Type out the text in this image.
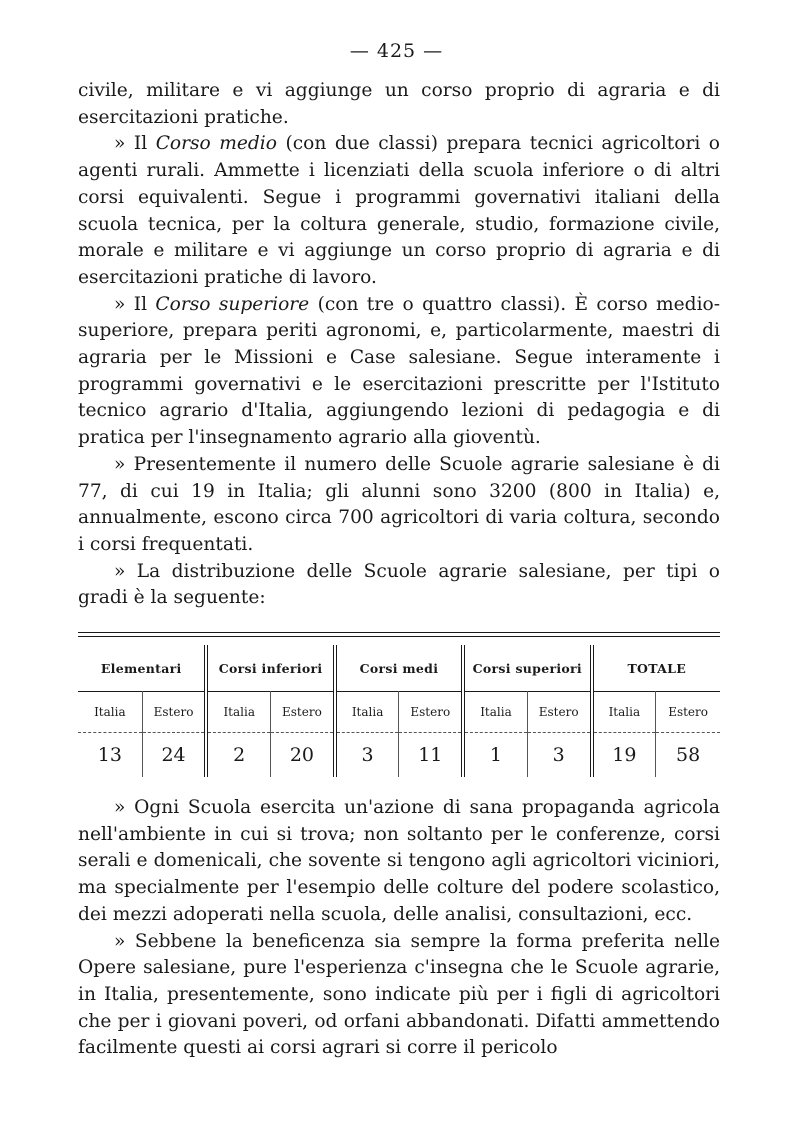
— 425 —

civile, militare e vi aggiunge un corso proprio di agraria e di esercitazioni pratiche.

» Il Corso medio (con due classi) prepara tecnici agricoltori o agenti rurali. Ammette i licenziati della scuola inferiore o di altri corsi equivalenti. Segue i programmi governativi italiani della scuola tecnica, per la coltura generale, studio, formazione civile, morale e militare e vi aggiunge un corso proprio di agraria e di esercitazioni pratiche di lavoro.

» Il Corso superiore (con tre o quattro classi). È corso medio-superiore, prepara periti agronomi, e, particolarmente, maestri di agraria per le Missioni e Case salesiane. Segue interamente i programmi governativi e le esercitazioni prescritte per l'Istituto tecnico agrario d'Italia, aggiungendo lezioni di pedagogia e di pratica per l'insegnamento agrario alla gioventù.

» Presentemente il numero delle Scuole agrarie salesiane è di 77, di cui 19 in Italia; gli alunni sono 3200 (800 in Italia) e, annualmente, escono circa 700 agricoltori di varia coltura, secondo i corsi frequentati.

» La distribuzione delle Scuole agrarie salesiane, per tipi o gradi è la seguente:

Elementari		Corsi inferiori		Corsi medi		Corsi superiori		TOTALE	
Italia	Estero	Italia	Estero	Italia	Estero	Italia	Estero	Italia	Estero
13	24	2	20	3	11	1	3	19	58

» Ogni Scuola esercita un'azione di sana propaganda agricola nell'ambiente in cui si trova; non soltanto per le conferenze, corsi serali e domenicali, che sovente si tengono agli agricoltori viciniori, ma specialmente per l'esempio delle colture del podere scolastico, dei mezzi adoperati nella scuola, delle analisi, consultazioni, ecc.

» Sebbene la beneficenza sia sempre la forma preferita nelle Opere salesiane, pure l'esperienza c'insegna che le Scuole agrarie, in Italia, presentemente, sono indicate più per i figli di agricoltori che per i giovani poveri, od orfani abbandonati. Difatti ammettendo facilmente questi ai corsi agrari si corre il pericolo
